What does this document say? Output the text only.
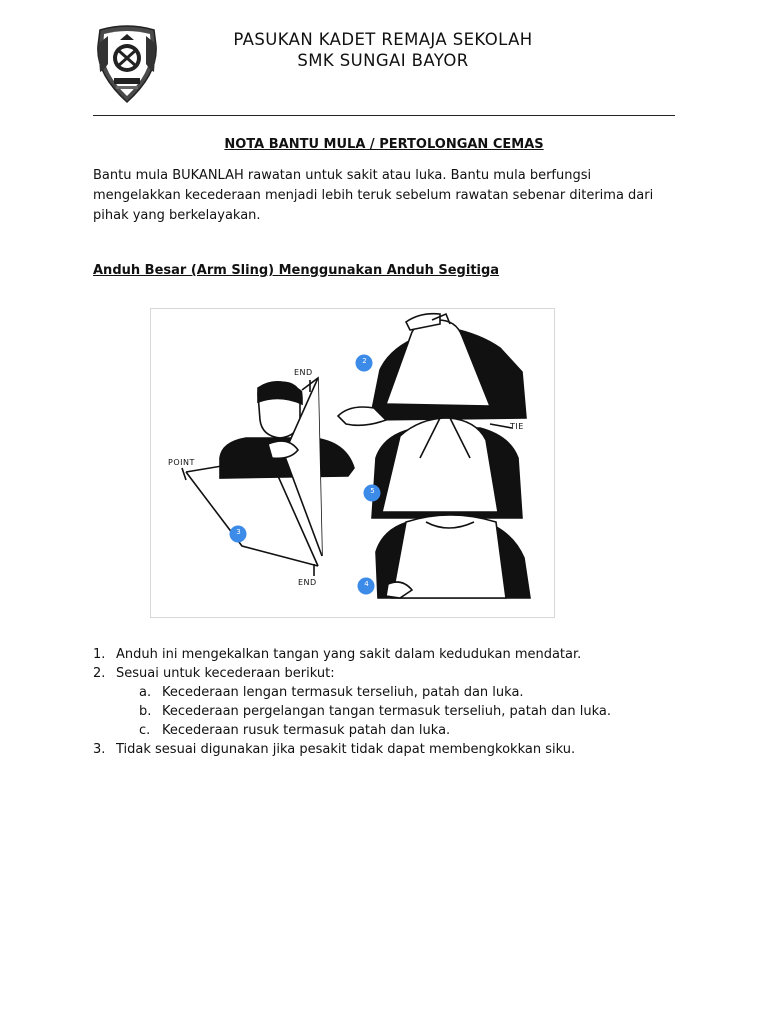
PASUKAN KADET REMAJA SEKOLAH
SMK SUNGAI BAYOR
NOTA BANTU MULA / PERTOLONGAN CEMAS
Bantu mula BUKANLAH rawatan untuk sakit atau luka. Bantu mula berfungsi mengelakkan kecederaan menjadi lebih teruk sebelum rawatan sebenar diterima dari pihak yang berkelayakan.
Anduh Besar (Arm Sling) Menggunakan Anduh Segitiga
END
END
POINT
TIE
2
3
5
4
1. Anduh ini mengekalkan tangan yang sakit dalam kedudukan mendatar.
2. Sesuai untuk kecederaan berikut:
a. Kecederaan lengan termasuk terseliuh, patah dan luka.
b. Kecederaan pergelangan tangan termasuk terseliuh, patah dan luka.
c. Kecederaan rusuk termasuk patah dan luka.
3. Tidak sesuai digunakan jika pesakit tidak dapat membengkokkan siku.
